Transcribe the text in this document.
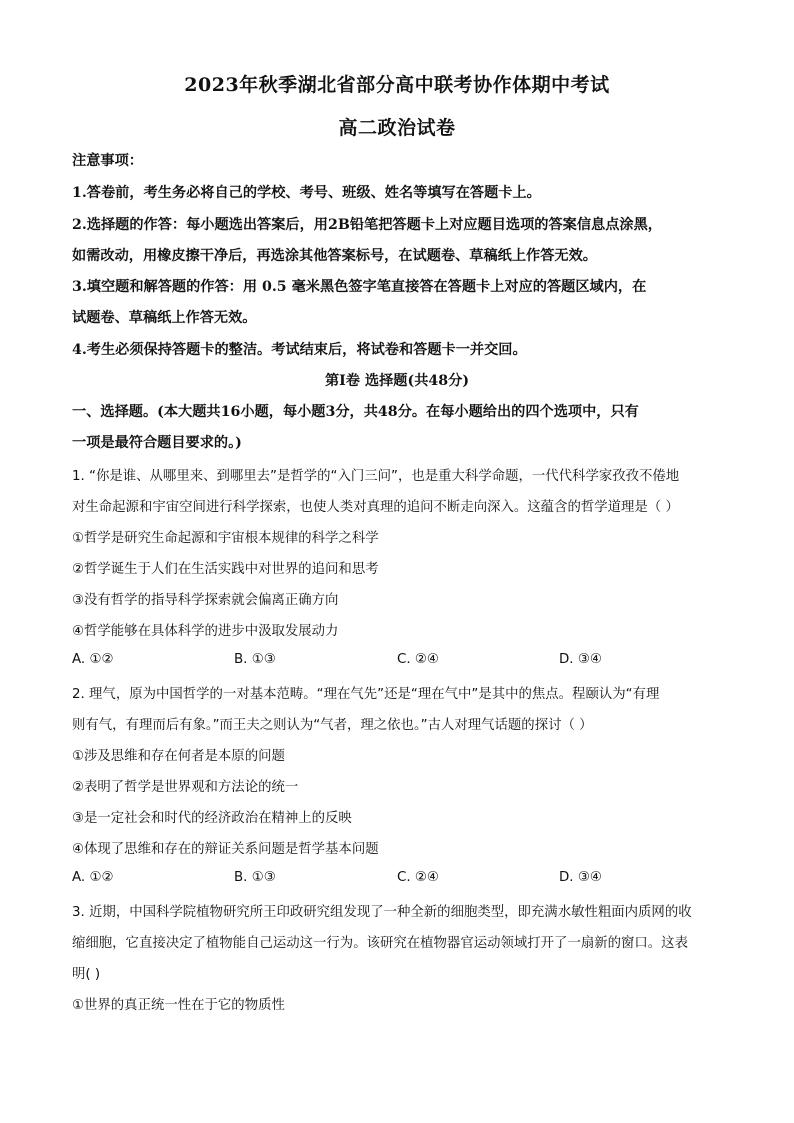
2023年秋季湖北省部分高中联考协作体期中考试
高二政治试卷
注意事项：
1.答卷前，考生务必将自己的学校、考号、班级、姓名等填写在答题卡上。
2.选择题的作答：每小题选出答案后，用2B铅笔把答题卡上对应题目选项的答案信息点涂黑，
如需改动，用橡皮擦干净后，再选涂其他答案标号，在试题卷、草稿纸上作答无效。
3.填空题和解答题的作答：用 0.5 毫米黑色签字笔直接答在答题卡上对应的答题区域内，在
试题卷、草稿纸上作答无效。
4.考生必须保持答题卡的整洁。考试结束后，将试卷和答题卡一并交回。
第Ⅰ卷 选择题(共48分)
一、选择题。(本大题共16小题，每小题3分，共48分。在每小题给出的四个选项中，只有
一项是最符合题目要求的。)
1. “你是谁、从哪里来、到哪里去”是哲学的“入门三问”，也是重大科学命题，一代代科学家孜孜不倦地
对生命起源和宇宙空间进行科学探索，也使人类对真理的追问不断走向深入。这蕴含的哲学道理是（ ）
①哲学是研究生命起源和宇宙根本规律的科学之科学
②哲学诞生于人们在生活实践中对世界的追问和思考
③没有哲学的指导科学探索就会偏离正确方向
④哲学能够在具体科学的进步中汲取发展动力
A. ①②	B. ①③	C. ②④	D. ③④
2. 理气，原为中国哲学的一对基本范畴。“理在气先”还是“理在气中”是其中的焦点。程颐认为“有理
则有气，有理而后有象。”而王夫之则认为“气者，理之依也。”古人对理气话题的探讨（ ）
①涉及思维和存在何者是本原的问题
②表明了哲学是世界观和方法论的统一
③是一定社会和时代的经济政治在精神上的反映
④体现了思维和存在的辩证关系问题是哲学基本问题
A. ①②	B. ①③	C. ②④	D. ③④
3. 近期，中国科学院植物研究所王印政研究组发现了一种全新的细胞类型，即充满水敏性粗面内质网的收
缩细胞，它直接决定了植物能自己运动这一行为。该研究在植物器官运动领域打开了一扇新的窗口。这表
明( )
①世界的真正统一性在于它的物质性
